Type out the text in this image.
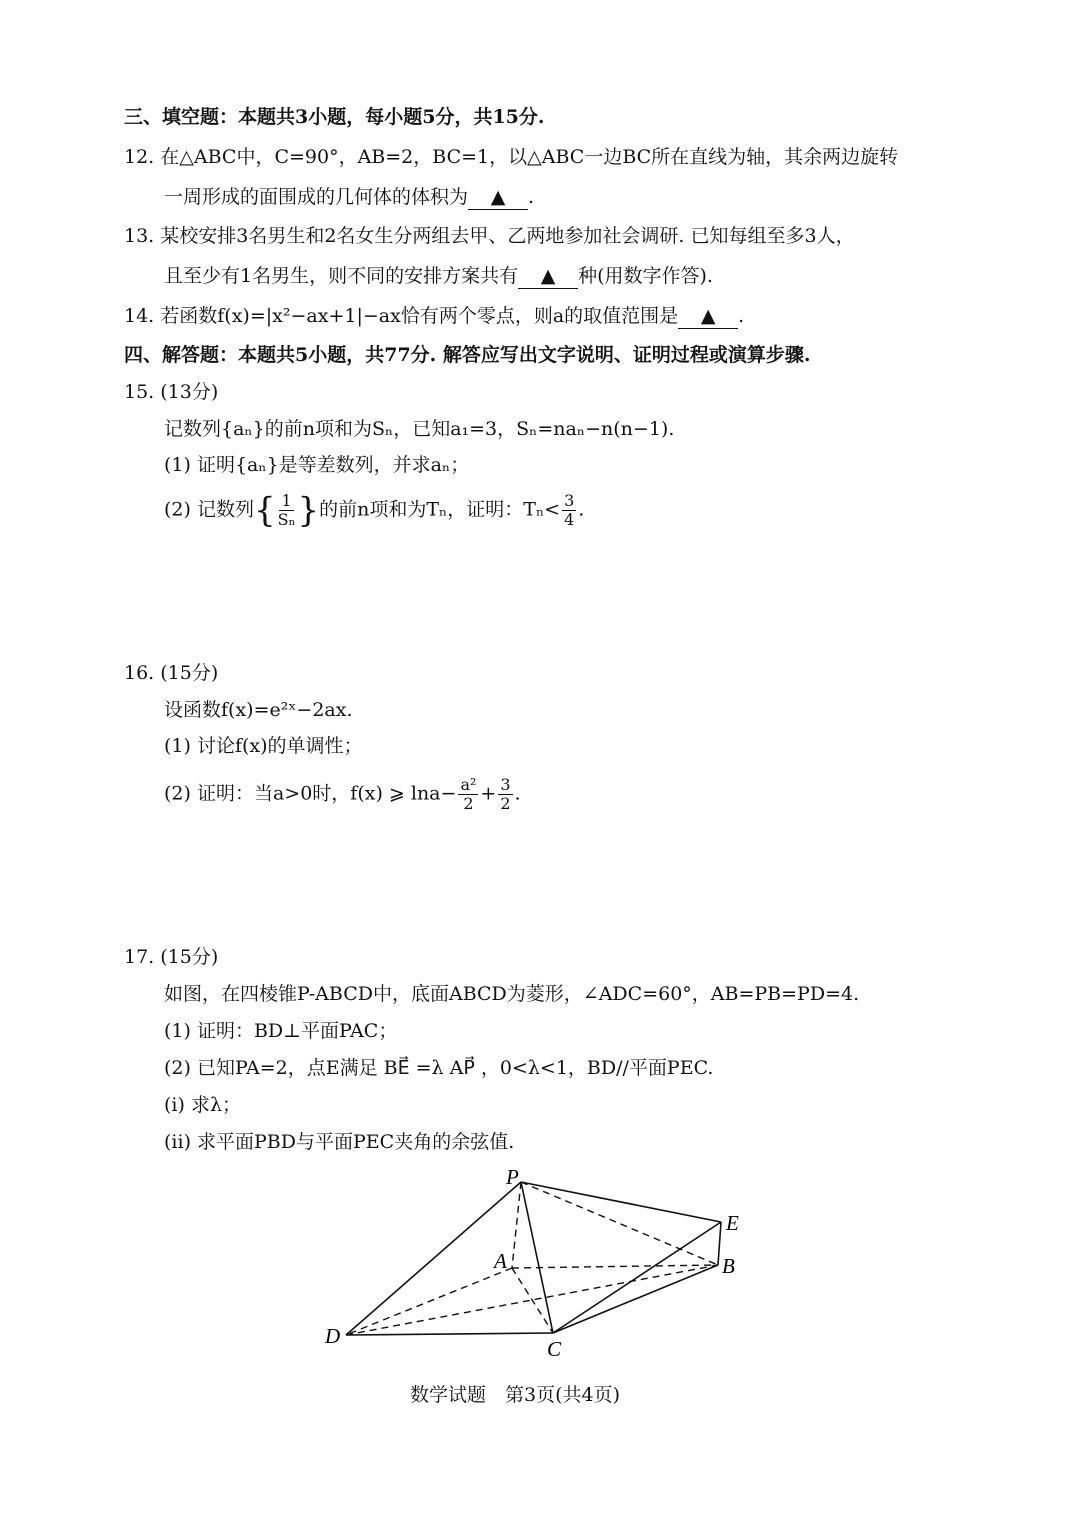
三、填空题：本题共3小题，每小题5分，共15分.
12. 在△ABC中，C=90°，AB=2，BC=1，以△ABC一边BC所在直线为轴，其余两边旋转
一周形成的面围成的几何体的体积为 ▲ .
13. 某校安排3名男生和2名女生分两组去甲、乙两地参加社会调研. 已知每组至多3人，
且至少有1名男生，则不同的安排方案共有 ▲ 种(用数字作答).
14. 若函数f(x)=|x²−ax+1|−ax恰有两个零点，则a的取值范围是 ▲ .
四、解答题：本题共5小题，共77分. 解答应写出文字说明、证明过程或演算步骤.
15. (13分)
记数列{aₙ}的前n项和为Sₙ，已知a₁=3，Sₙ=naₙ−n(n−1).
(1) 证明{aₙ}是等差数列，并求aₙ；
(2) 记数列{ $\frac{1}{\text{Sₙ}}$ }的前n项和为Tₙ，证明：$T_n< \frac{3}{4}$ .
16. (15分)
设函数f(x)=e²ˣ−2ax.
(1) 讨论f(x)的单调性；
(2) 证明：当a>0时，f(x) ⩾ $\ln a- \frac{\text{a²}}{2} + \frac{3}{2}$ .
17. (15分)
如图，在四棱锥P-ABCD中，底面ABCD为菱形，∠ADC=60°，AB=PB=PD=4.
(1) 证明：BD⊥平面PAC；
(2) 已知PA=2，点E满足 BE⃗ =λ AP⃗ ，0<λ<1，BD//平面PEC.
(i) 求λ；
(ii) 求平面PBD与平面PEC夹角的余弦值.
P
E
A	B
D
C
数学试题　第3页(共4页)
